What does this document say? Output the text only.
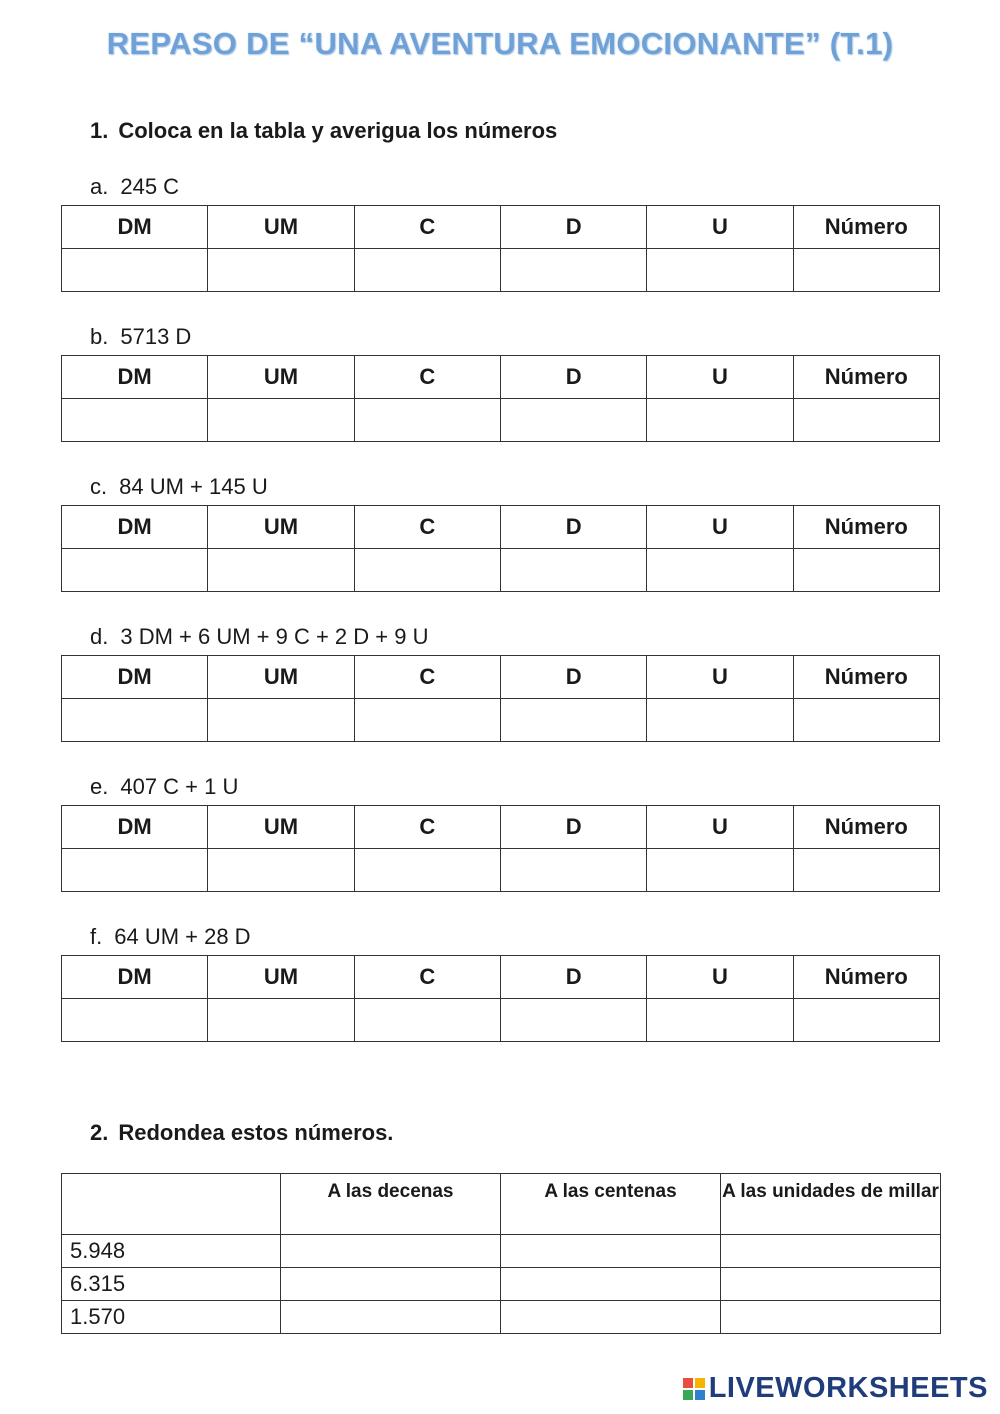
REPASO DE “UNA AVENTURA EMOCIONANTE” (T.1)
1. Coloca en la tabla y averigua los números
a. 245 C
DM	UM	C	D	U	Número

b. 5713 D
DM	UM	C	D	U	Número

c. 84 UM + 145 U
DM	UM	C	D	U	Número

d. 3 DM + 6 UM + 9 C + 2 D + 9 U
DM	UM	C	D	U	Número

e. 407 C + 1 U
DM	UM	C	D	U	Número

f. 64 UM + 28 D
DM	UM	C	D	U	Número

2. Redondea estos números.
	A las decenas	A las centenas	A las unidades de millar
5.948			
6.315			
1.570			
LIVEWORKSHEETS
